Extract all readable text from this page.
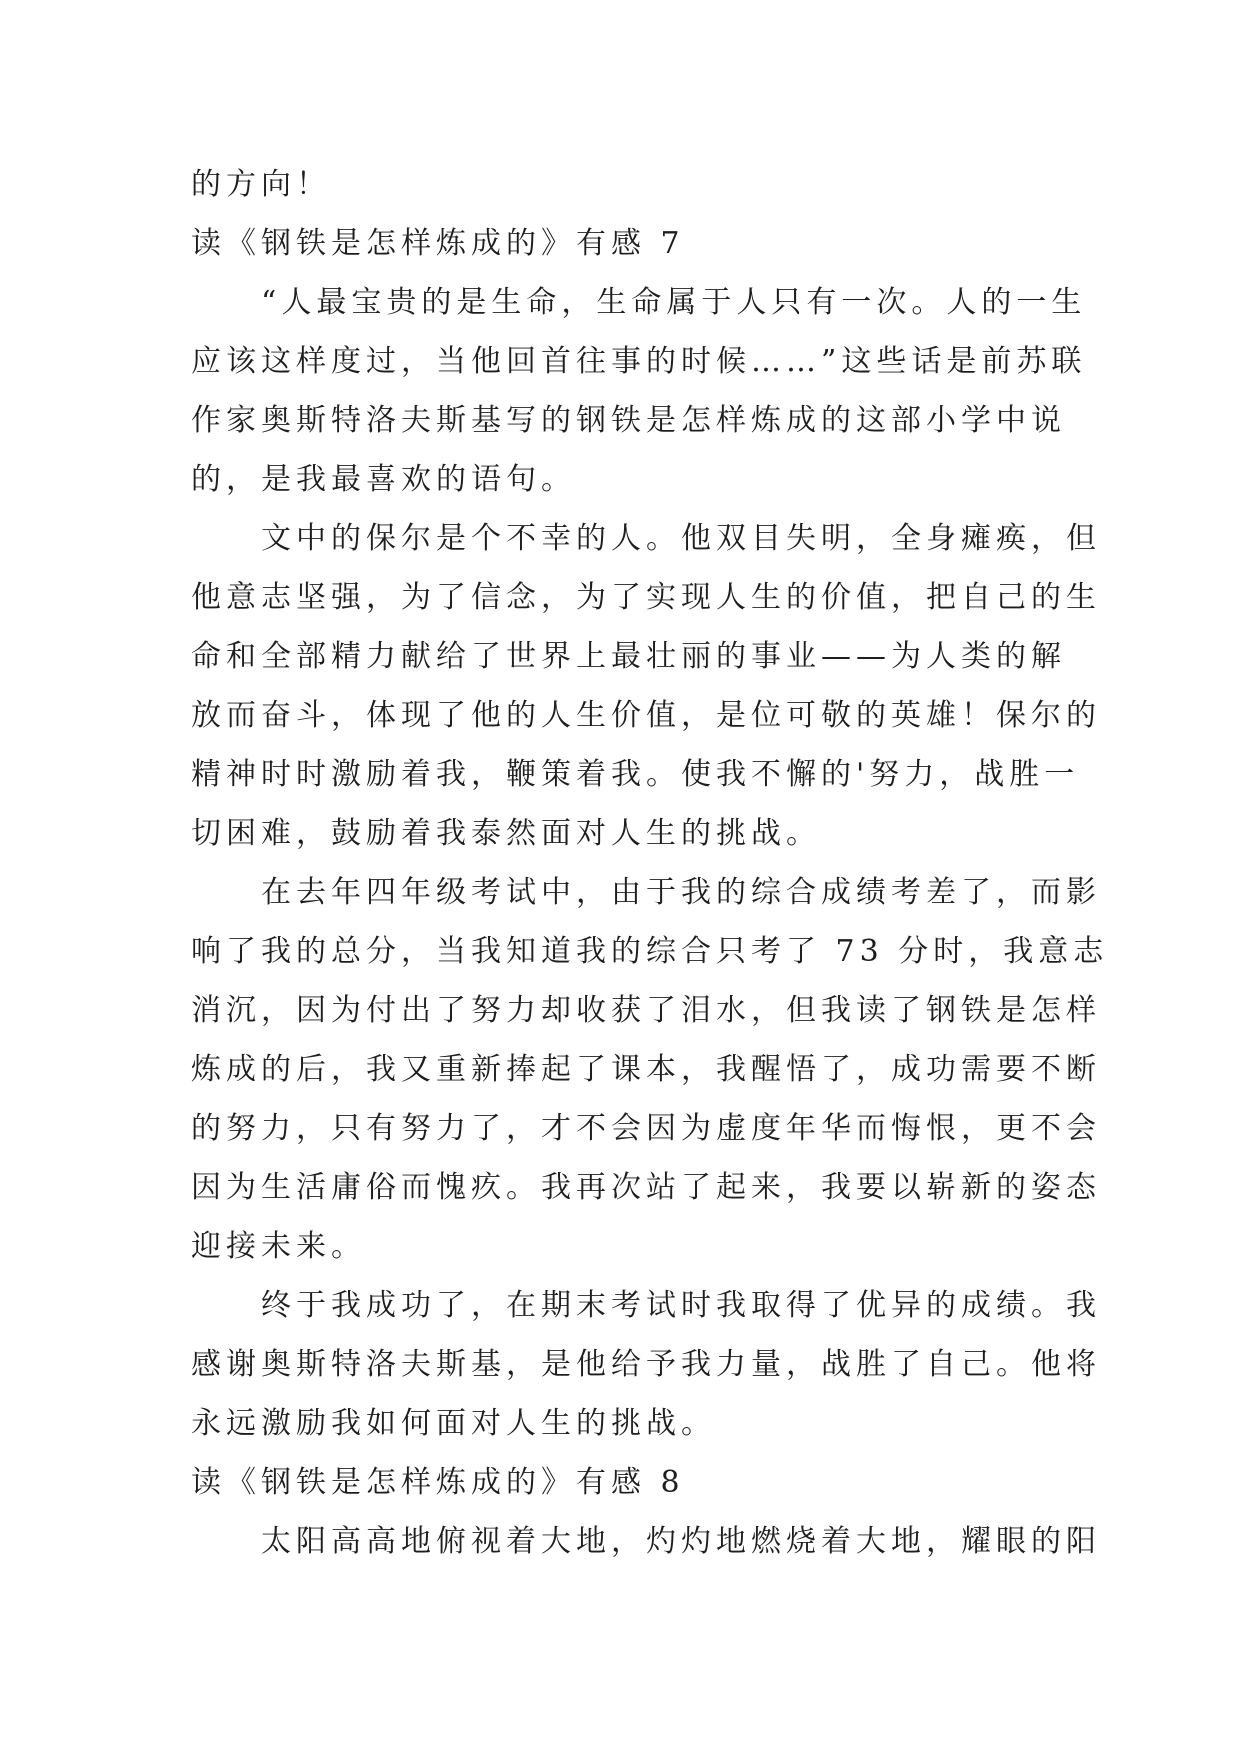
的方向！

读《钢铁是怎样炼成的》有感 7

“人最宝贵的是生命，生命属于人只有一次。人的一生

应该这样度过，当他回首往事的时候……”这些话是前苏联

作家奥斯特洛夫斯基写的钢铁是怎样炼成的这部小学中说

的，是我最喜欢的语句。

文中的保尔是个不幸的人。他双目失明，全身瘫痪，但

他意志坚强，为了信念，为了实现人生的价值，把自己的生

命和全部精力献给了世界上最壮丽的事业——为人类的解

放而奋斗，体现了他的人生价值，是位可敬的英雄！保尔的

精神时时激励着我，鞭策着我。使我不懈的'努力，战胜一

切困难，鼓励着我泰然面对人生的挑战。

在去年四年级考试中，由于我的综合成绩考差了，而影

响了我的总分，当我知道我的综合只考了 73 分时，我意志

消沉，因为付出了努力却收获了泪水，但我读了钢铁是怎样

炼成的后，我又重新捧起了课本，我醒悟了，成功需要不断

的努力，只有努力了，才不会因为虚度年华而悔恨，更不会

因为生活庸俗而愧疚。我再次站了起来，我要以崭新的姿态

迎接未来。

终于我成功了，在期末考试时我取得了优异的成绩。我

感谢奥斯特洛夫斯基，是他给予我力量，战胜了自己。他将

永远激励我如何面对人生的挑战。

读《钢铁是怎样炼成的》有感 8

太阳高高地俯视着大地，灼灼地燃烧着大地，耀眼的阳
